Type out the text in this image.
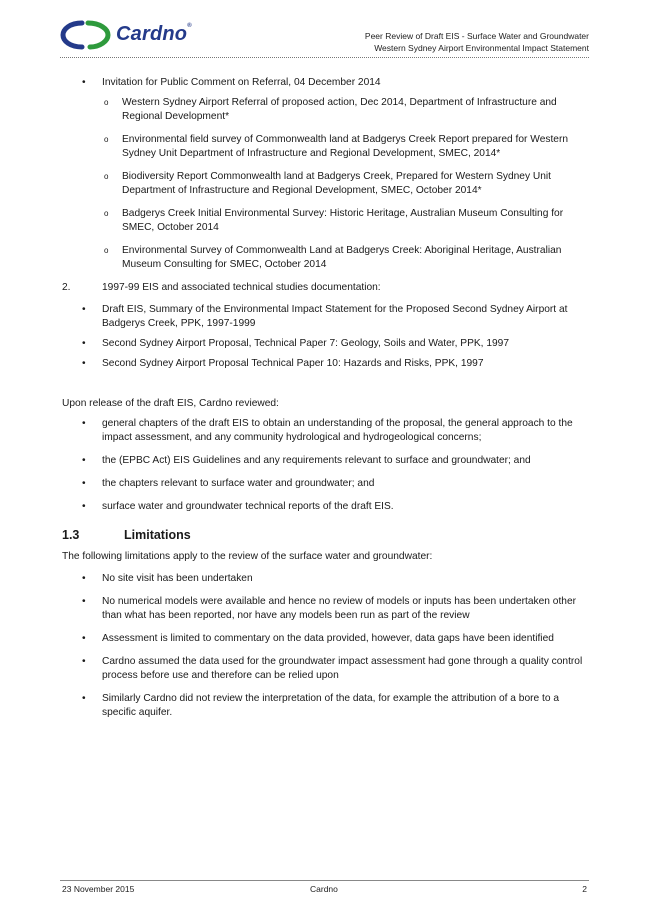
Cardno®
Peer Review of Draft EIS - Surface Water and Groundwater
Western Sydney Airport Environmental Impact Statement
• Invitation for Public Comment on Referral, 04 December 2014
o Western Sydney Airport Referral of proposed action, Dec 2014, Department of Infrastructure and Regional Development*
o Environmental field survey of Commonwealth land at Badgerys Creek Report prepared for Western Sydney Unit Department of Infrastructure and Regional Development, SMEC, 2014*
o Biodiversity Report Commonwealth land at Badgerys Creek, Prepared for Western Sydney Unit Department of Infrastructure and Regional Development, SMEC, October 2014*
o Badgerys Creek Initial Environmental Survey: Historic Heritage, Australian Museum Consulting for SMEC, October 2014
o Environmental Survey of Commonwealth Land at Badgerys Creek: Aboriginal Heritage, Australian Museum Consulting for SMEC, October 2014
2.	1997-99 EIS and associated technical studies documentation:
• Draft EIS, Summary of the Environmental Impact Statement for the Proposed Second Sydney Airport at Badgerys Creek, PPK, 1997-1999
• Second Sydney Airport Proposal, Technical Paper 7: Geology, Soils and Water, PPK, 1997
• Second Sydney Airport Proposal Technical Paper 10: Hazards and Risks, PPK, 1997

Upon release of the draft EIS, Cardno reviewed:

• general chapters of the draft EIS to obtain an understanding of the proposal, the general approach to the impact assessment, and any community hydrological and hydrogeological concerns;
• the (EPBC Act) EIS Guidelines and any requirements relevant to surface and groundwater; and
• the chapters relevant to surface water and groundwater; and
• surface water and groundwater technical reports of the draft EIS.
1.3	Limitations
The following limitations apply to the review of the surface water and groundwater:
• No site visit has been undertaken
• No numerical models were available and hence no review of models or inputs has been undertaken other than what has been reported, nor have any models been run as part of the review
• Assessment is limited to commentary on the data provided, however, data gaps have been identified
• Cardno assumed the data used for the groundwater impact assessment had gone through a quality control process before use and therefore can be relied upon
• Similarly Cardno did not review the interpretation of the data, for example the attribution of a bore to a specific aquifer.
23 November 2015	Cardno	2
